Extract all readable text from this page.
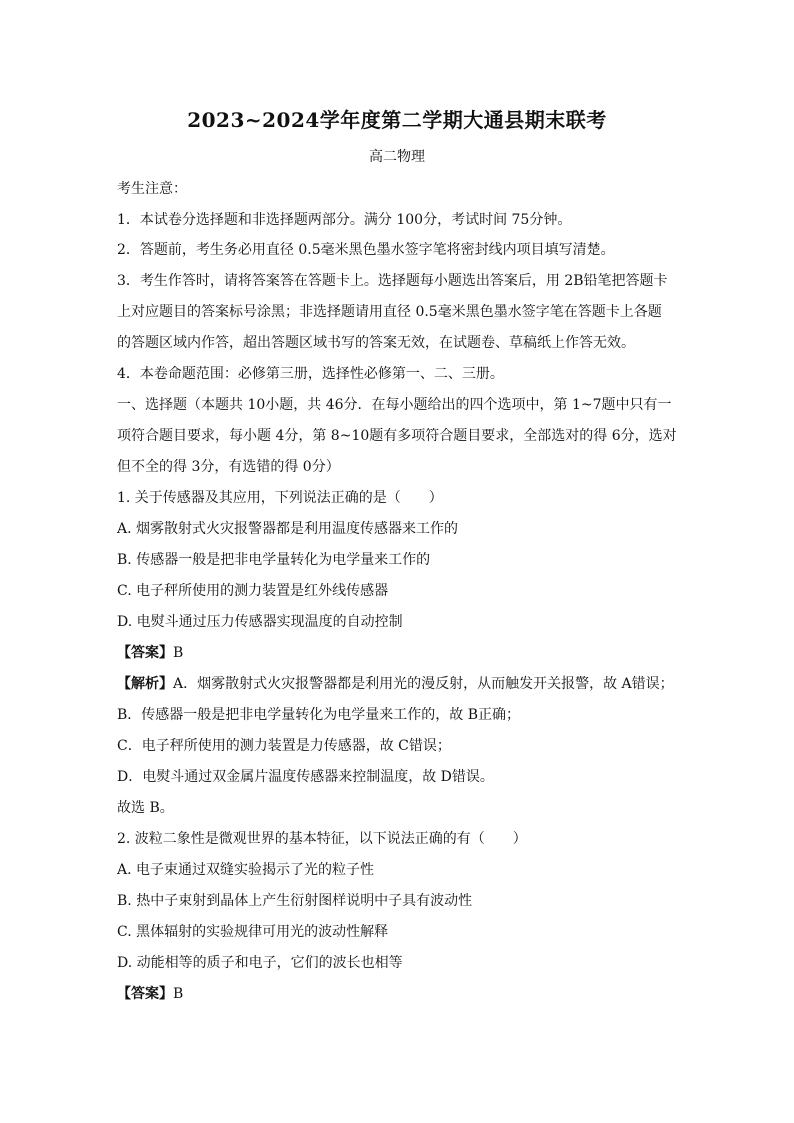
2023~2024学年度第二学期大通县期末联考
高二物理
考生注意：
1．本试卷分选择题和非选择题两部分。满分 100分，考试时间 75分钟。
2．答题前，考生务必用直径 0.5毫米黑色墨水签字笔将密封线内项目填写清楚。
3．考生作答时，请将答案答在答题卡上。选择题每小题选出答案后，用 2B铅笔把答题卡
上对应题目的答案标号涂黑；非选择题请用直径 0.5毫米黑色墨水签字笔在答题卡上各题
的答题区域内作答，超出答题区域书写的答案无效，在试题卷、草稿纸上作答无效。
4．本卷命题范围：必修第三册，选择性必修第一、二、三册。
一、选择题（本题共 10小题，共 46分．在每小题给出的四个选项中，第 1~7题中只有一
项符合题目要求，每小题 4分，第 8~10题有多项符合题目要求，全部选对的得 6分，选对
但不全的得 3分，有选错的得 0分）
1. 关于传感器及其应用，下列说法正确的是（　　）
A. 烟雾散射式火灾报警器都是利用温度传感器来工作的
B. 传感器一般是把非电学量转化为电学量来工作的
C. 电子秤所使用的测力装置是红外线传感器
D. 电熨斗通过压力传感器实现温度的自动控制
【答案】B
【解析】A．烟雾散射式火灾报警器都是利用光的漫反射，从而触发开关报警，故 A错误；
B．传感器一般是把非电学量转化为电学量来工作的，故 B正确；
C．电子秤所使用的测力装置是力传感器，故 C错误；
D．电熨斗通过双金属片温度传感器来控制温度，故 D错误。
故选 B。
2. 波粒二象性是微观世界的基本特征，以下说法正确的有（　　）
A. 电子束通过双缝实验揭示了光的粒子性
B. 热中子束射到晶体上产生衍射图样说明中子具有波动性
C. 黑体辐射的实验规律可用光的波动性解释
D. 动能相等的质子和电子，它们的波长也相等
【答案】B
